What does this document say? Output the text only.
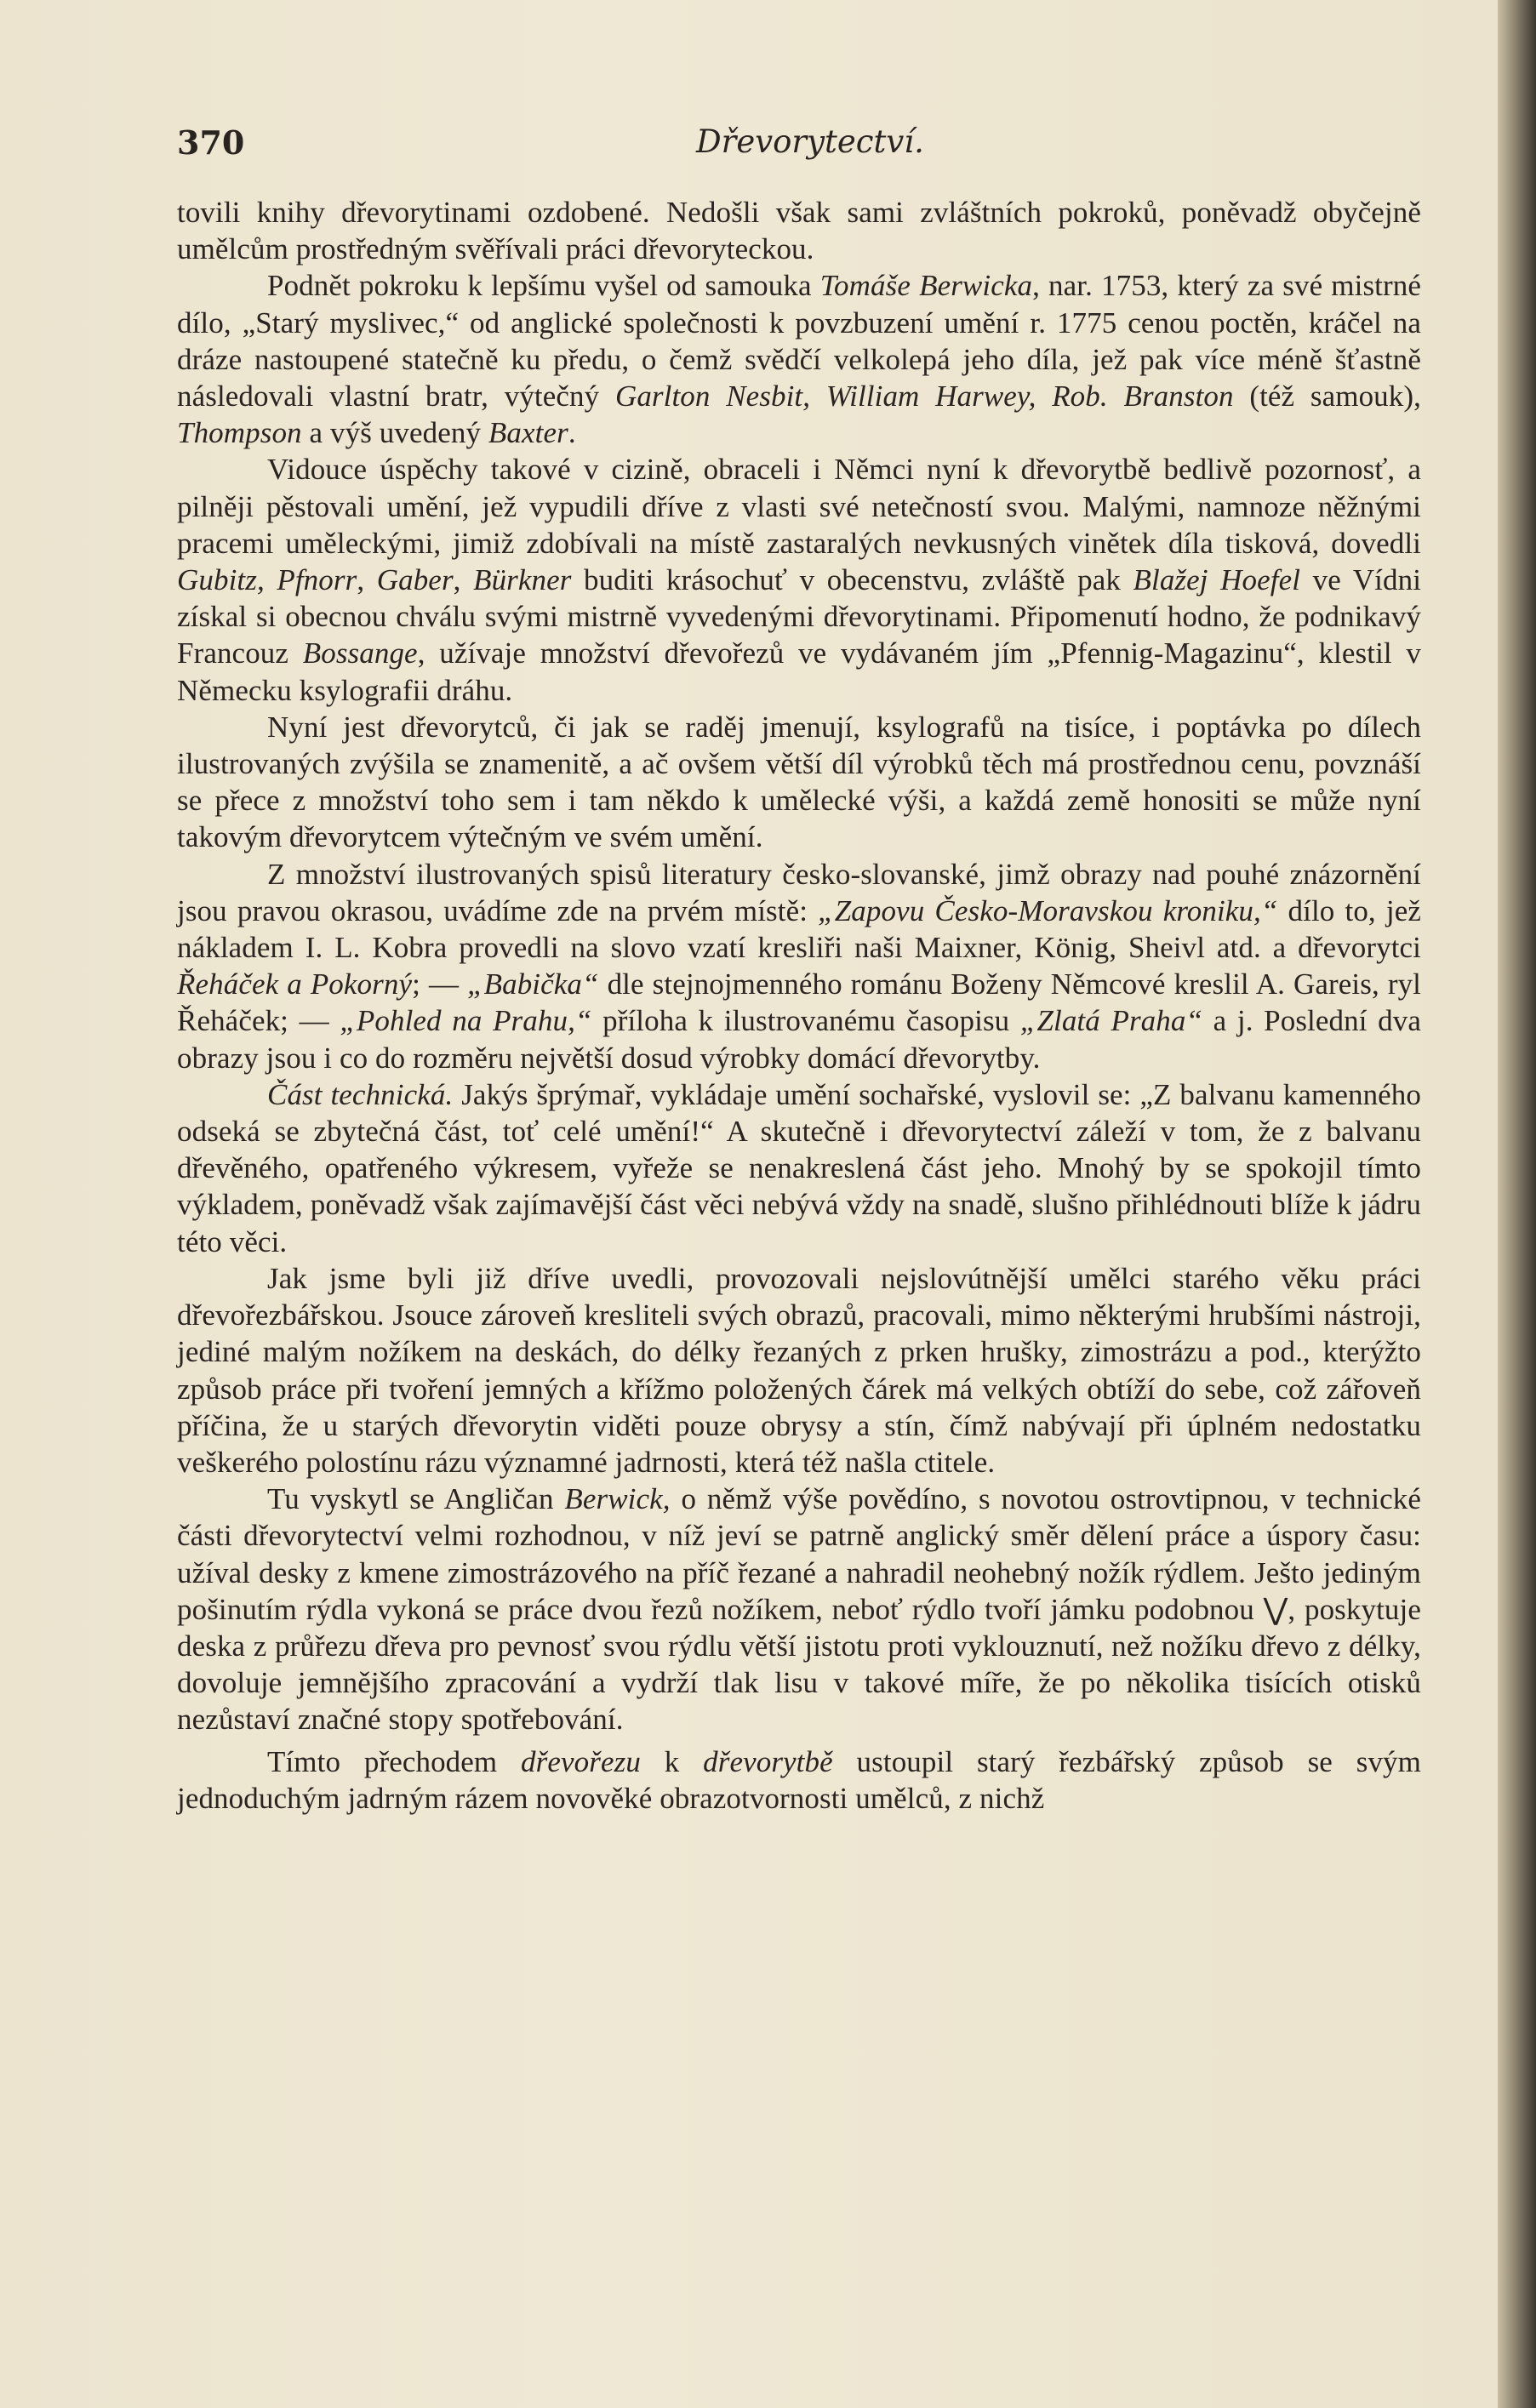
370	Dřevorytectví.

tovili knihy dřevorytinami ozdobené. Nedošli však sami zvláštních pokroků, poněvadž obyčejně umělcům prostředným svěřívali práci dřevoryteckou.

Podnět pokroku k lepšímu vyšel od samouka Tomáše Berwicka, nar. 1753, který za své mistrné dílo, „Starý myslivec,“ od anglické společnosti k povzbuzení umění r. 1775 cenou poctěn, kráčel na dráze nastoupené statečně ku předu, o čemž svědčí velkolepá jeho díla, jež pak více méně šťastně následovali vlastní bratr, výtečný Garlton Nesbit, William Harwey, Rob. Branston (též samouk), Thompson a výš uvedený Baxter.

Vidouce úspěchy takové v cizině, obraceli i Němci nyní k dřevorytbě bedlivě pozornosť, a pilněji pěstovali umění, jež vypudili dříve z vlasti své netečností svou. Malými, namnoze něžnými pracemi uměleckými, jimiž zdobívali na místě zastaralých nevkusných vinětek díla tisková, dovedli Gubitz, Pfnorr, Gaber, Bürkner buditi krásochuť v obecenstvu, zvláště pak Blažej Hoefel ve Vídni získal si obecnou chválu svými mistrně vyvedenými dřevorytinami. Připomenutí hodno, že podnikavý Francouz Bossange, užívaje množství dřevořezů ve vydávaném jím „Pfennig-Magazinu“, klestil v Německu ksylografii dráhu.

Nyní jest dřevorytců, či jak se raděj jmenují, ksylografů na tisíce, i poptávka po dílech ilustrovaných zvýšila se znamenitě, a ač ovšem větší díl výrobků těch má prostřednou cenu, povznáší se přece z množství toho sem i tam někdo k umělecké výši, a každá země honositi se může nyní takovým dřevorytcem výtečným ve svém umění.

Z množství ilustrovaných spisů literatury česko-slovanské, jimž obrazy nad pouhé znázornění jsou pravou okrasou, uvádíme zde na prvém místě: „Zapovu Česko-Moravskou kroniku,“ dílo to, jež nákladem I. L. Kobra provedli na slovo vzatí kresliři naši Maixner, König, Sheivl atd. a dřevorytci Řeháček a Pokorný; — „Babička“ dle stejnojmenného románu Boženy Němcové kreslil A. Gareis, ryl Řeháček; — „Pohled na Prahu,“ příloha k ilustrovanému časopisu „Zlatá Praha“ a j. Poslední dva obrazy jsou i co do rozměru největší dosud výrobky domácí dřevorytby.

Část technická. Jakýs šprýmař, vykládaje umění sochařské, vyslovil se: „Z balvanu kamenného odseká se zbytečná část, toť celé umění!“ A skutečně i dřevorytectví záleží v tom, že z balvanu dřevěného, opatřeného výkresem, vyřeže se nenakreslená část jeho. Mnohý by se spokojil tímto výkladem, poněvadž však zajímavější část věci nebývá vždy na snadě, slušno přihlédnouti blíže k jádru této věci.

Jak jsme byli již dříve uvedli, provozovali nejslovútnější umělci starého věku práci dřevořezbářskou. Jsouce zároveň kresliteli svých obrazů, pracovali, mimo některými hrubšími nástroji, jediné malým nožíkem na deskách, do délky řezaných z prken hrušky, zimostrázu a pod., kterýžto způsob práce při tvoření jemných a křížmo položených čárek má velkých obtíží do sebe, což zářoveň příčina, že u starých dřevorytin viděti pouze obrysy a stín, čímž nabývají při úplném nedostatku veškerého polostínu rázu významné jadrnosti, která též našla ctitele.

Tu vyskytl se Angličan Berwick, o němž výše povědíno, s novotou ostrovtipnou, v technické části dřevorytectví velmi rozhodnou, v níž jeví se patrně anglický směr dělení práce a úspory času: užíval desky z kmene zimostrázového na příč řezané a nahradil neohebný nožík rýdlem. Ješto jediným pošinutím rýdla vykoná se práce dvou řezů nožíkem, neboť rýdlo tvoří jámku podobnou ⋁, poskytuje deska z průřezu dřeva pro pevnosť svou rýdlu větší jistotu proti vyklouznutí, než nožíku dřevo z délky, dovoluje jemnějšího zpracování a vydrží tlak lisu v takové míře, že po několika tisících otisků nezůstaví značné stopy spotřebování.

Tímto přechodem dřevořezu k dřevorytbě ustoupil starý řezbářský způsob se svým jednoduchým jadrným rázem novověké obrazotvornosti umělců, z nichž
